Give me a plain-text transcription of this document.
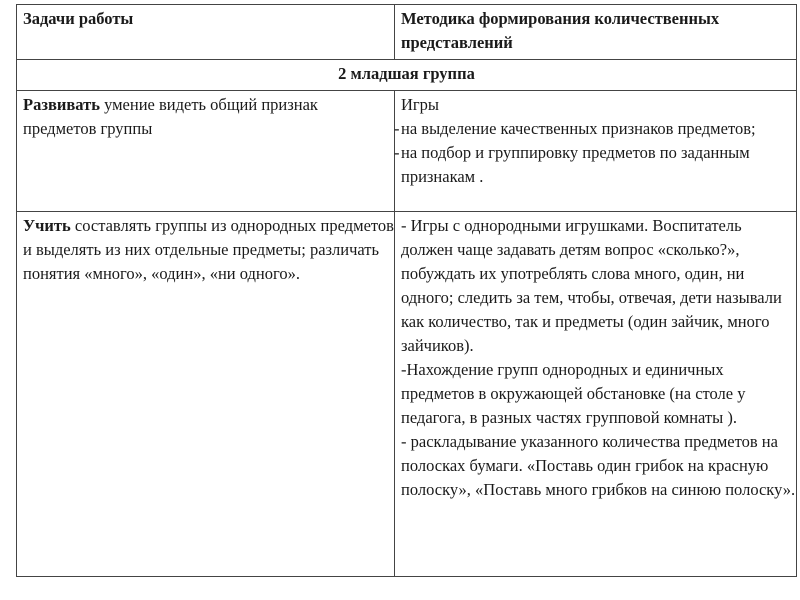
Задачи работы	Методика формирования количественных представлений
2 младшая группа	
Развивать умение видеть общий признак предметов группы	Игры
- на выделение качественных признаков предметов;
- на подбор и группировку предметов по заданным признакам .

Учить составлять группы из однородных предметов и выделять из них отдельные предметы; различать понятия «много», «один», «ни одного».	- Игры с однородными игрушками. Воспитатель должен чаще задавать детям вопрос «сколько?», побуждать их употреблять слова много, один, ни одного; следить за тем, чтобы, отвечая, дети называли как количество, так и предметы (один зайчик, много зайчиков).
-Нахождение групп однородных и единичных предметов в окружающей обстановке (на столе у педагога, в разных частях групповой комнаты ).
- раскладывание указанного количества предметов на полосках бумаги. «Поставь один грибок на красную полоску», «Поставь много грибков на синюю полоску».
